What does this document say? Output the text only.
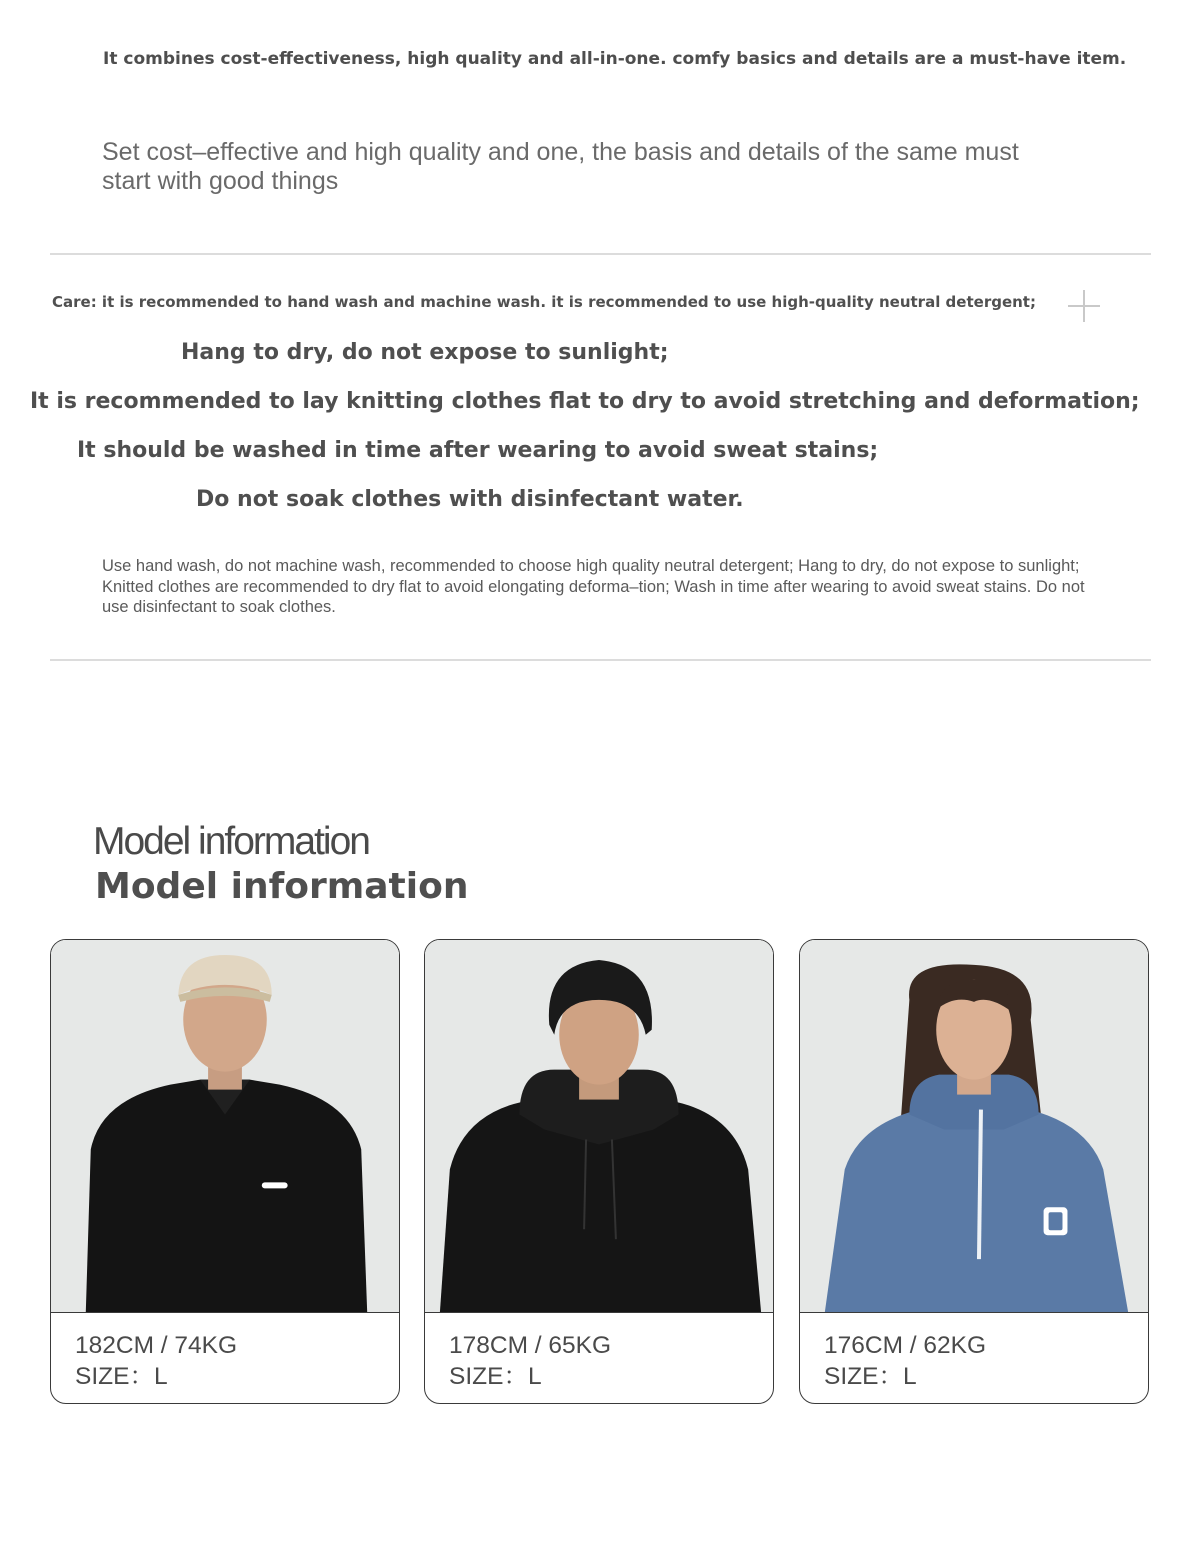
It combines cost-effectiveness, high quality and all-in-one. comfy basics and details are a must-have item.
Set cost–effective and high quality and one, the basis and details of the same must start with good things
Care: it is recommended to hand wash and machine wash. it is recommended to use high-quality neutral detergent;
Hang to dry, do not expose to sunlight;
It is recommended to lay knitting clothes flat to dry to avoid stretching and deformation;
It should be washed in time after wearing to avoid sweat stains;
Do not soak clothes with disinfectant water.
Use hand wash, do not machine wash, recommended to choose high quality neutral detergent; Hang to dry, do not expose to sunlight; Knitted clothes are recommended to dry flat to avoid elongating deforma–tion; Wash in time after wearing to avoid sweat stains. Do not use disinfectant to soak clothes.
Model information
Model information
182CM / 74KG
SIZE：L
178CM / 65KG
SIZE：L
176CM / 62KG
SIZE：L
